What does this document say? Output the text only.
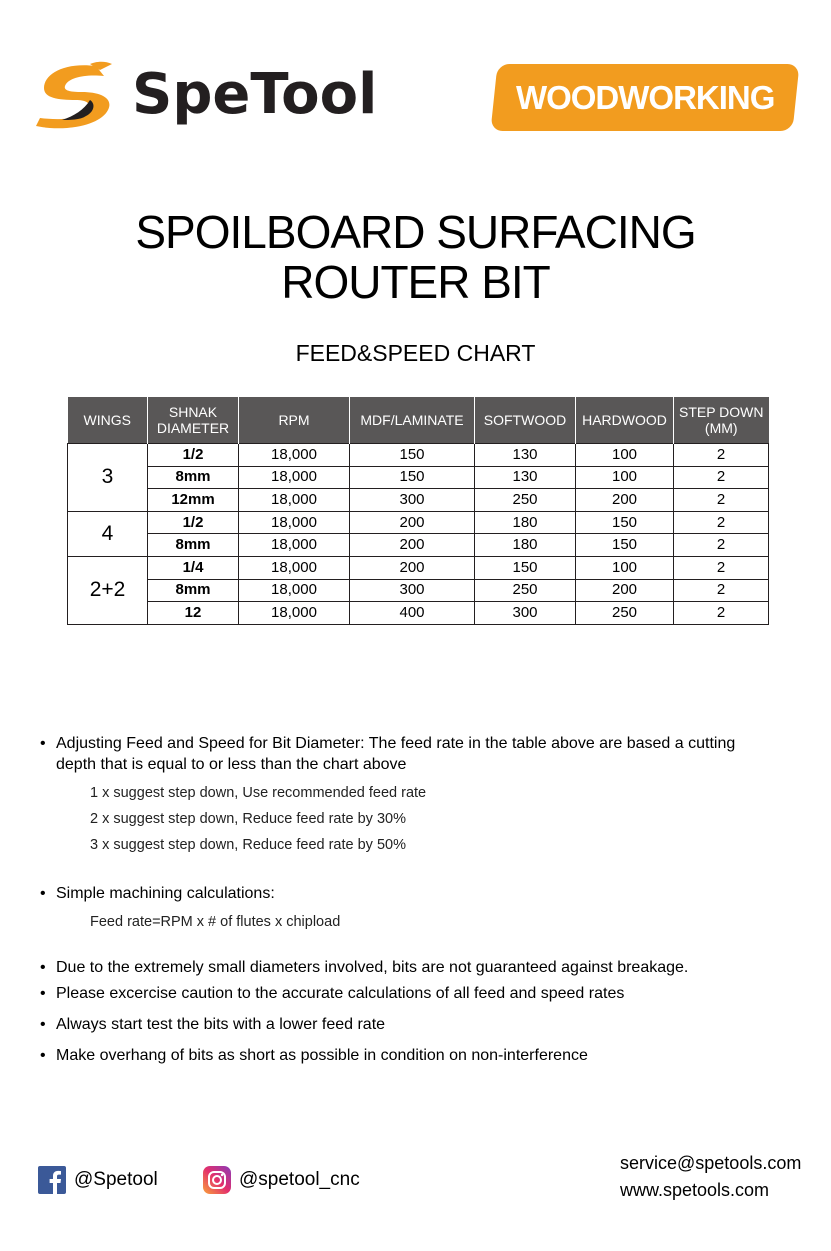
SpeTool	WOODWORKING
SPOILBOARD SURFACING
ROUTER BIT
FEED&SPEED CHART
WINGS	SHNAK DIAMETER	RPM	MDF/LAMINATE	SOFTWOOD	HARDWOOD	STEP DOWN (MM)
3	1/2	18,000	150	130	100	2
	8mm	18,000	150	130	100	2
	12mm	18,000	300	250	200	2
4	1/2	18,000	200	180	150	2
	8mm	18,000	200	180	150	2
2+2	1/4	18,000	200	150	100	2
	8mm	18,000	300	250	200	2
	12	18,000	400	300	250	2
• Adjusting Feed and Speed for Bit Diameter: The feed rate in the table above are based a cutting
depth that is equal to or less than the chart above
1 x suggest step down, Use recommended feed rate
2 x suggest step down, Reduce feed rate by 30%
3 x suggest step down, Reduce feed rate by 50%
• Simple machining calculations:
Feed rate=RPM x # of flutes x chipload
• Due to the extremely small diameters involved, bits are not guaranteed against breakage.
• Please excercise caution to the accurate calculations of all feed and speed rates
• Always start test the bits with a lower feed rate
• Make overhang of bits as short as possible in condition on non-interference
@Spetool	@spetool_cnc
service@spetools.com
www.spetools.com
